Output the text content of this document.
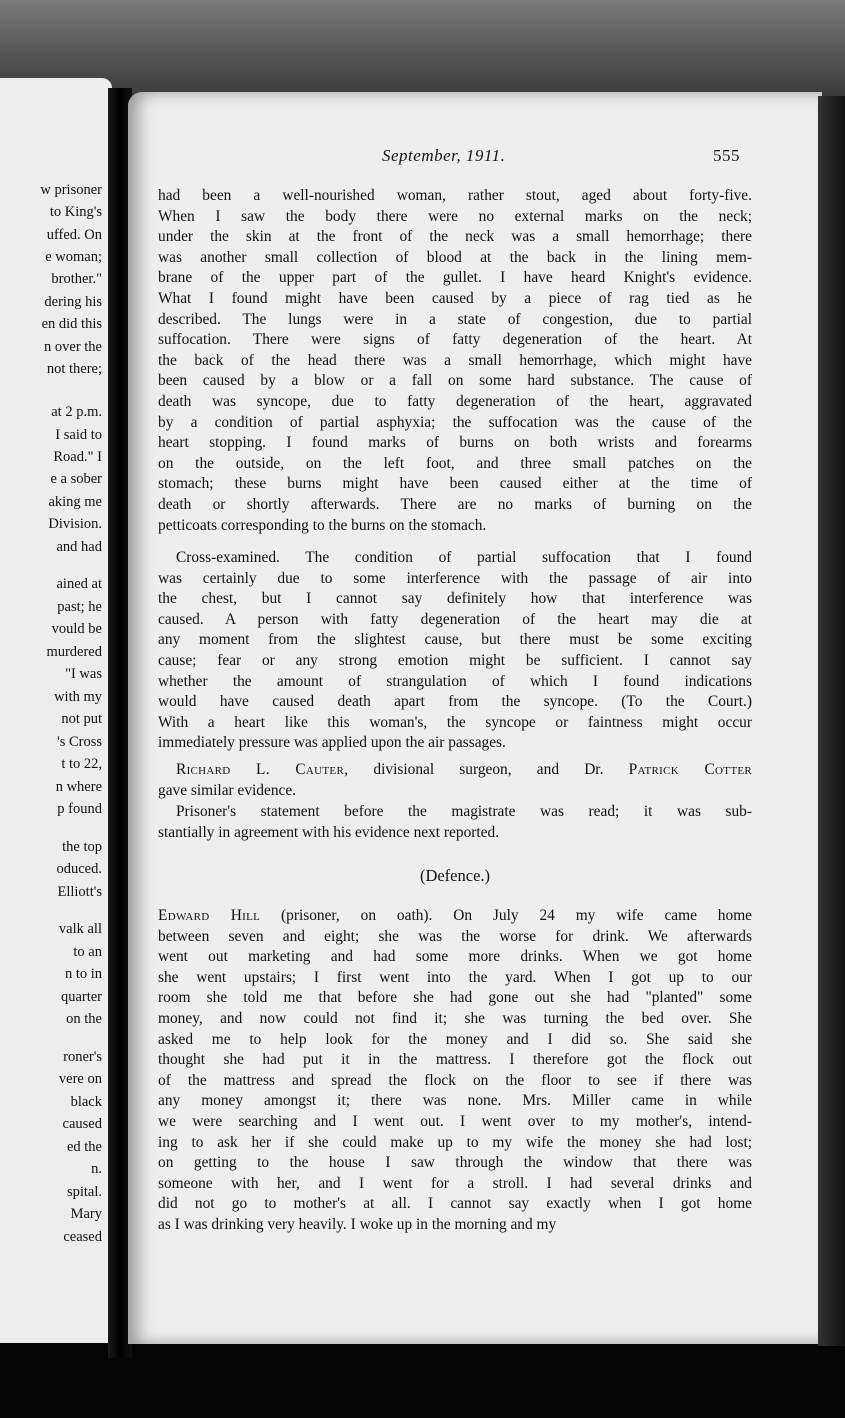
w prisoner
to King's
uffed. On
e woman;
brother."
dering his
en did this
n over the
not there;
at 2 p.m.
I said to
Road." I
e a sober
aking me
Division.
and had
ained at
past; he
vould be
murdered
"I was
with my
not put
's Cross
t to 22,
n where
p found
the top
oduced.
Elliott's
valk all
to an
n to in
quarter
on the
roner's
vere on
black
caused
ed the
n.
spital.
Mary
ceased
September, 1911.	555
had been a well-nourished woman, rather stout, aged about forty-five.
When I saw the body there were no external marks on the neck;
under the skin at the front of the neck was a small hemorrhage; there
was another small collection of blood at the back in the lining mem-
brane of the upper part of the gullet. I have heard Knight's evidence.
What I found might have been caused by a piece of rag tied as he
described. The lungs were in a state of congestion, due to partial
suffocation. There were signs of fatty degeneration of the heart. At
the back of the head there was a small hemorrhage, which might have
been caused by a blow or a fall on some hard substance. The cause of
death was syncope, due to fatty degeneration of the heart, aggravated
by a condition of partial asphyxia; the suffocation was the cause of the
heart stopping. I found marks of burns on both wrists and forearms
on the outside, on the left foot, and three small patches on the
stomach; these burns might have been caused either at the time of
death or shortly afterwards. There are no marks of burning on the
petticoats corresponding to the burns on the stomach.
Cross-examined. The condition of partial suffocation that I found
was certainly due to some interference with the passage of air into
the chest, but I cannot say definitely how that interference was
caused. A person with fatty degeneration of the heart may die at
any moment from the slightest cause, but there must be some exciting
cause; fear or any strong emotion might be sufficient. I cannot say
whether the amount of strangulation of which I found indications
would have caused death apart from the syncope. (To the Court.)
With a heart like this woman's, the syncope or faintness might occur
immediately pressure was applied upon the air passages.
Richard L. Cauter, divisional surgeon, and Dr. Patrick Cotter
gave similar evidence.
Prisoner's statement before the magistrate was read; it was sub-
stantially in agreement with his evidence next reported.
(Defence.)
Edward Hill (prisoner, on oath). On July 24 my wife came home
between seven and eight; she was the worse for drink. We afterwards
went out marketing and had some more drinks. When we got home
she went upstairs; I first went into the yard. When I got up to our
room she told me that before she had gone out she had "planted" some
money, and now could not find it; she was turning the bed over. She
asked me to help look for the money and I did so. She said she
thought she had put it in the mattress. I therefore got the flock out
of the mattress and spread the flock on the floor to see if there was
any money amongst it; there was none. Mrs. Miller came in while
we were searching and I went out. I went over to my mother's, intend-
ing to ask her if she could make up to my wife the money she had lost;
on getting to the house I saw through the window that there was
someone with her, and I went for a stroll. I had several drinks and
did not go to mother's at all. I cannot say exactly when I got home
as I was drinking very heavily. I woke up in the morning and my
